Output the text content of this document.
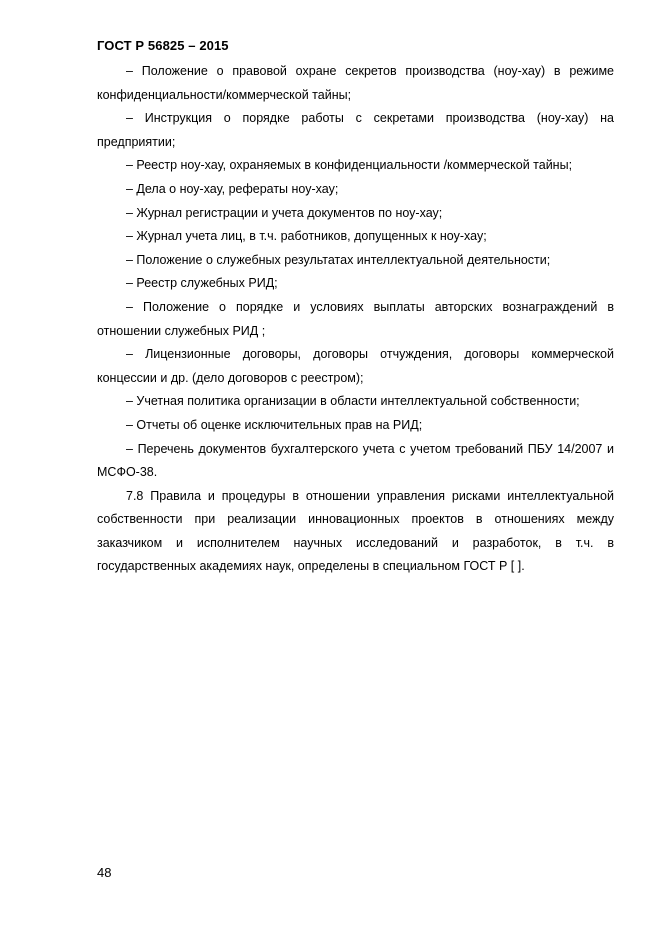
ГОСТ Р 56825 – 2015

– Положение о правовой охране секретов производства (ноу-хау) в режиме конфиденциальности/коммерческой тайны;

– Инструкция о порядке работы с секретами производства (ноу-хау) на предприятии;

– Реестр ноу-хау, охраняемых в конфиденциальности /коммерческой тайны;

– Дела о ноу-хау, рефераты ноу-хау;

– Журнал регистрации и учета документов по ноу-хау;

– Журнал учета лиц, в т.ч. работников, допущенных к ноу-хау;

– Положение о служебных результатах интеллектуальной деятельности;

– Реестр служебных РИД;

– Положение о порядке и условиях выплаты авторских вознаграждений в отношении служебных РИД ;

– Лицензионные договоры, договоры отчуждения, договоры коммерческой концессии и др. (дело договоров с реестром);

– Учетная политика организации в области интеллектуальной собственности;

– Отчеты об оценке исключительных прав на РИД;

– Перечень документов бухгалтерского учета с учетом требований ПБУ 14/2007 и МСФО-38.

7.8 Правила и процедуры в отношении управления рисками интеллектуальной собственности при реализации инновационных проектов в отношениях между заказчиком и исполнителем научных исследований и разработок, в т.ч. в государственных академиях наук, определены в специальном ГОСТ Р [ ].

48
